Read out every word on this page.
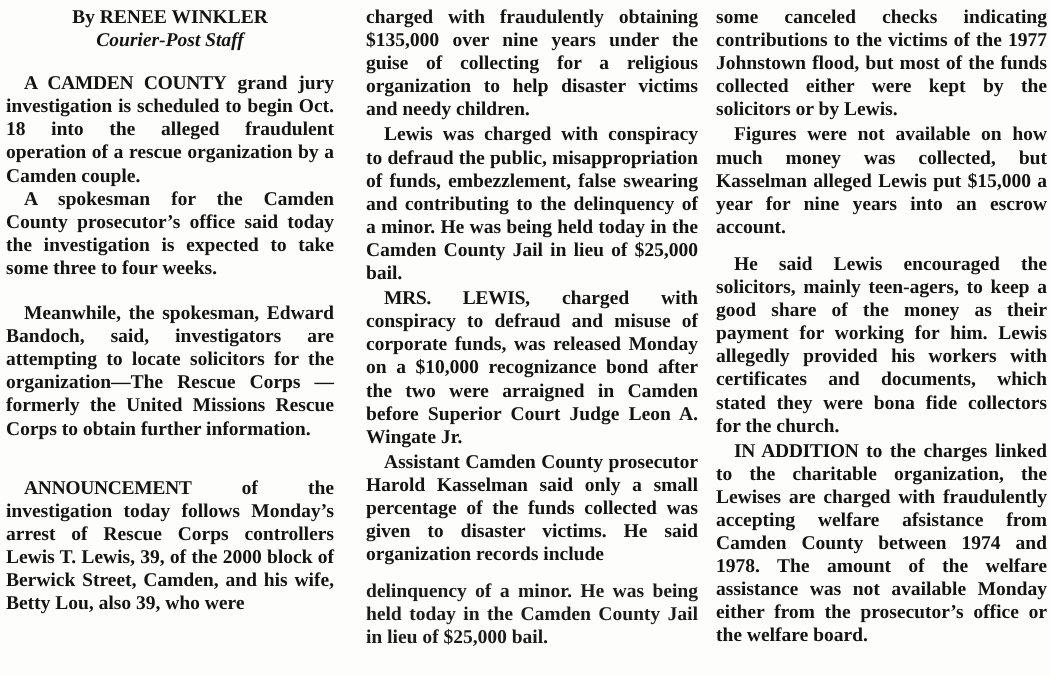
By RENEE WINKLER

Courier-Post Staff

A CAMDEN COUNTY grand jury investigation is scheduled to begin Oct. 18 into the alleged fraudulent operation of a rescue organization by a Camden couple.

A spokesman for the Camden County prosecutor’s office said today the investigation is expected to take some three to four weeks.

Meanwhile, the spokesman, Edward Bandoch, said, investigators are attempting to locate solicitors for the organization—The Rescue Corps — formerly the United Missions Rescue Corps to obtain further information.

ANNOUNCEMENT of the investigation today follows Monday’s arrest of Rescue Corps controllers Lewis T. Lewis, 39, of the 2000 block of Berwick Street, Camden, and his wife, Betty Lou, also 39, who were

charged with fraudulently obtaining $135,000 over nine years under the guise of collecting for a religious organization to help disaster victims and needy children.

Lewis was charged with conspiracy to defraud the public, misappropriation of funds, embezzlement, false swearing and contributing to the delinquency of a minor. He was being held today in the Camden County Jail in lieu of $25,000 bail.

MRS. LEWIS, charged with conspiracy to defraud and misuse of corporate funds, was released Monday on a $10,000 recognizance bond after the two were arraigned in Camden before Superior Court Judge Leon A. Wingate Jr.

Assistant Camden County prosecutor Harold Kasselman said only a small percentage of the funds collected was given to disaster victims. He said organization records include

delinquency of a minor. He was being held today in the Camden County Jail in lieu of $25,000 bail.

some canceled checks indicating contributions to the victims of the 1977 Johnstown flood, but most of the funds collected either were kept by the solicitors or by Lewis.

Figures were not available on how much money was collected, but Kasselman alleged Lewis put $15,000 a year for nine years into an escrow account.

He said Lewis encouraged the solicitors, mainly teen-agers, to keep a good share of the money as their payment for working for him. Lewis allegedly provided his workers with certificates and documents, which stated they were bona fide collectors for the church.

IN ADDITION to the charges linked to the charitable organization, the Lewises are charged with fraudulently accepting welfare afsistance from Camden County between 1974 and 1978. The amount of the welfare assistance was not available Monday either from the prosecutor’s office or the welfare board.
